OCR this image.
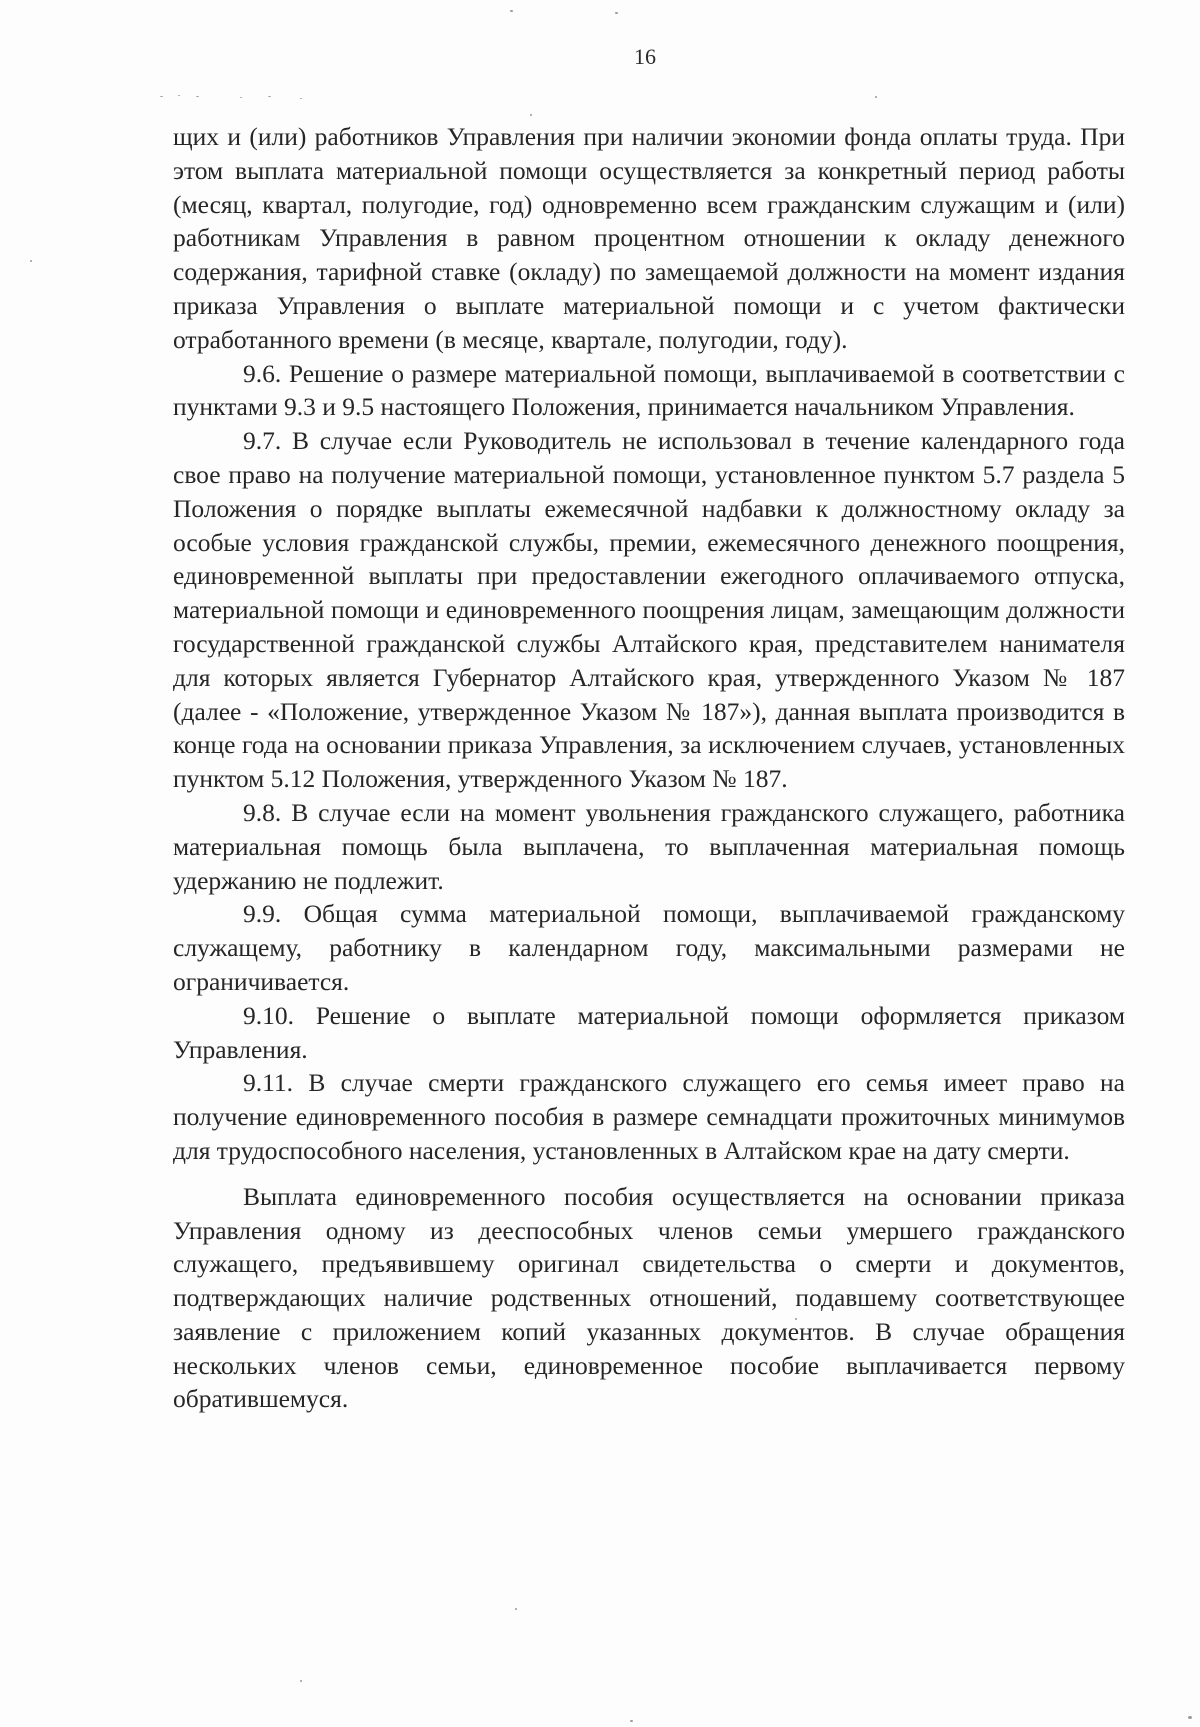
16

щих и (или) работников Управления при наличии экономии фонда оплаты труда. При этом выплата материальной помощи осуществляется за конкретный период работы (месяц, квартал, полугодие, год) одновременно всем гражданским служащим и (или) работникам Управления в равном процентном отношении к окладу денежного содержания, тарифной ставке (окладу) по замещаемой должности на момент издания приказа Управления о выплате материальной помощи и с учетом фактически отработанного времени (в месяце, квартале, полугодии, году).

9.6. Решение о размере материальной помощи, выплачиваемой в соответствии с пунктами 9.3 и 9.5 настоящего Положения, принимается начальником Управления.

9.7. В случае если Руководитель не использовал в течение календарного года свое право на получение материальной помощи, установленное пунктом 5.7 раздела 5 Положения о порядке выплаты ежемесячной надбавки к должностному окладу за особые условия гражданской службы, премии, ежемесячного денежного поощрения, единовременной выплаты при предоставлении ежегодного оплачиваемого отпуска, материальной помощи и единовременного поощрения лицам, замещающим должности государственной гражданской службы Алтайского края, представителем нанимателя для которых является Губернатор Алтайского края, утвержденного Указом № 187 (далее - «Положение, утвержденное Указом № 187»), данная выплата производится в конце года на основании приказа Управления, за исключением случаев, установленных пунктом 5.12 Положения, утвержденного Указом № 187.

9.8. В случае если на момент увольнения гражданского служащего, работника материальная помощь была выплачена, то выплаченная материальная помощь удержанию не подлежит.

9.9. Общая сумма материальной помощи, выплачиваемой гражданскому служащему, работнику в календарном году, максимальными размерами не ограничивается.

9.10. Решение о выплате материальной помощи оформляется приказом Управления.

9.11. В случае смерти гражданского служащего его семья имеет право на получение единовременного пособия в размере семнадцати прожиточных минимумов для трудоспособного населения, установленных в Алтайском крае на дату смерти.

Выплата единовременного пособия осуществляется на основании приказа Управления одному из дееспособных членов семьи умершего гражданского служащего, предъявившему оригинал свидетельства о смерти и документов, подтверждающих наличие родственных отношений, подавшему соответствующее заявление с приложением копий указанных документов. В случае обращения нескольких членов семьи, единовременное пособие выплачивается первому обратившемуся.
